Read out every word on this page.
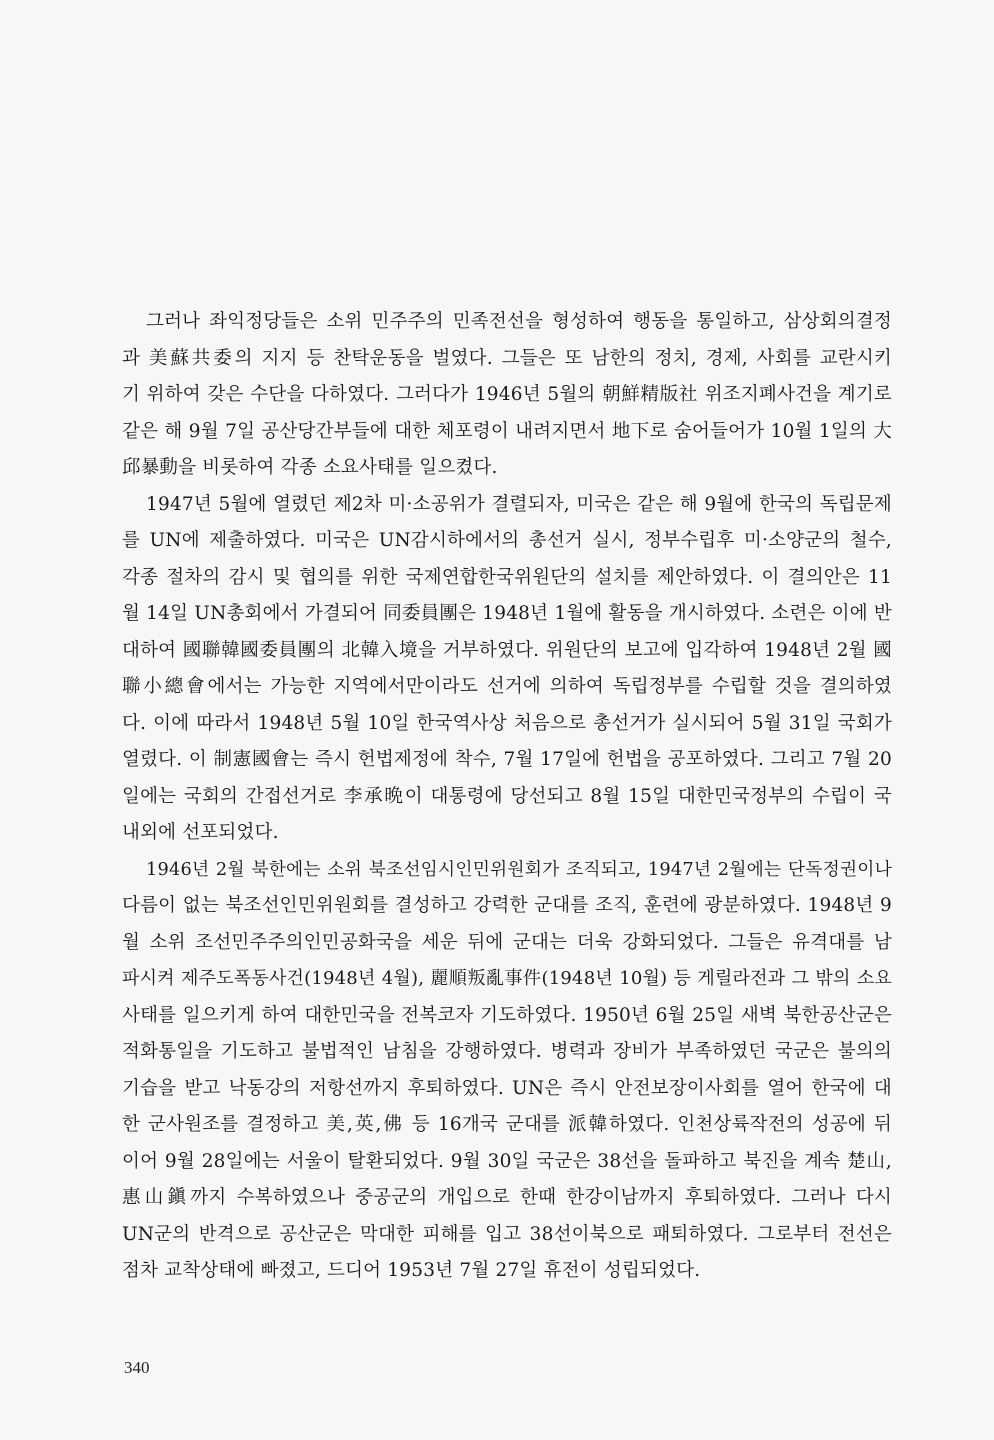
그러나 좌익정당들은 소위 민주주의 민족전선을 형성하여 행동을 통일하고, 삼상회의결정
과 美蘇共委의 지지 등 찬탁운동을 벌였다. 그들은 또 남한의 정치, 경제, 사회를 교란시키
기 위하여 갖은 수단을 다하였다. 그러다가 1946년 5월의 朝鮮精版社 위조지폐사건을 계기로
같은 해 9월 7일 공산당간부들에 대한 체포령이 내려지면서 地下로 숨어들어가 10월 1일의 大
邱暴動을 비롯하여 각종 소요사태를 일으켰다.
1947년 5월에 열렸던 제2차 미·소공위가 결렬되자, 미국은 같은 해 9월에 한국의 독립문제
를 UN에 제출하였다. 미국은 UN감시하에서의 총선거 실시, 정부수립후 미·소양군의 철수,
각종 절차의 감시 및 협의를 위한 국제연합한국위원단의 설치를 제안하였다. 이 결의안은 11
월 14일 UN총회에서 가결되어 同委員團은 1948년 1월에 활동을 개시하였다. 소련은 이에 반
대하여 國聯韓國委員團의 北韓入境을 거부하였다. 위원단의 보고에 입각하여 1948년 2월 國
聯小總會에서는 가능한 지역에서만이라도 선거에 의하여 독립정부를 수립할 것을 결의하였
다. 이에 따라서 1948년 5월 10일 한국역사상 처음으로 총선거가 실시되어 5월 31일 국회가
열렸다. 이 制憲國會는 즉시 헌법제정에 착수, 7월 17일에 헌법을 공포하였다. 그리고 7월 20
일에는 국회의 간접선거로 李承晩이 대통령에 당선되고 8월 15일 대한민국정부의 수립이 국
내외에 선포되었다.
1946년 2월 북한에는 소위 북조선임시인민위원회가 조직되고, 1947년 2월에는 단독정권이나
다름이 없는 북조선인민위원회를 결성하고 강력한 군대를 조직, 훈련에 광분하였다. 1948년 9
월 소위 조선민주주의인민공화국을 세운 뒤에 군대는 더욱 강화되었다. 그들은 유격대를 남
파시켜 제주도폭동사건(1948년 4월), 麗順叛亂事件(1948년 10월) 등 게릴라전과 그 밖의 소요
사태를 일으키게 하여 대한민국을 전복코자 기도하였다. 1950년 6월 25일 새벽 북한공산군은
적화통일을 기도하고 불법적인 남침을 강행하였다. 병력과 장비가 부족하였던 국군은 불의의
기습을 받고 낙동강의 저항선까지 후퇴하였다. UN은 즉시 안전보장이사회를 열어 한국에 대
한 군사원조를 결정하고 美,英,佛 등 16개국 군대를 派韓하였다. 인천상륙작전의 성공에 뒤
이어 9월 28일에는 서울이 탈환되었다. 9월 30일 국군은 38선을 돌파하고 북진을 계속 楚山,
惠山鎭까지 수복하였으나 중공군의 개입으로 한때 한강이남까지 후퇴하였다. 그러나 다시
UN군의 반격으로 공산군은 막대한 피해를 입고 38선이북으로 패퇴하였다. 그로부터 전선은
점차 교착상태에 빠졌고, 드디어 1953년 7월 27일 휴전이 성립되었다.
340
